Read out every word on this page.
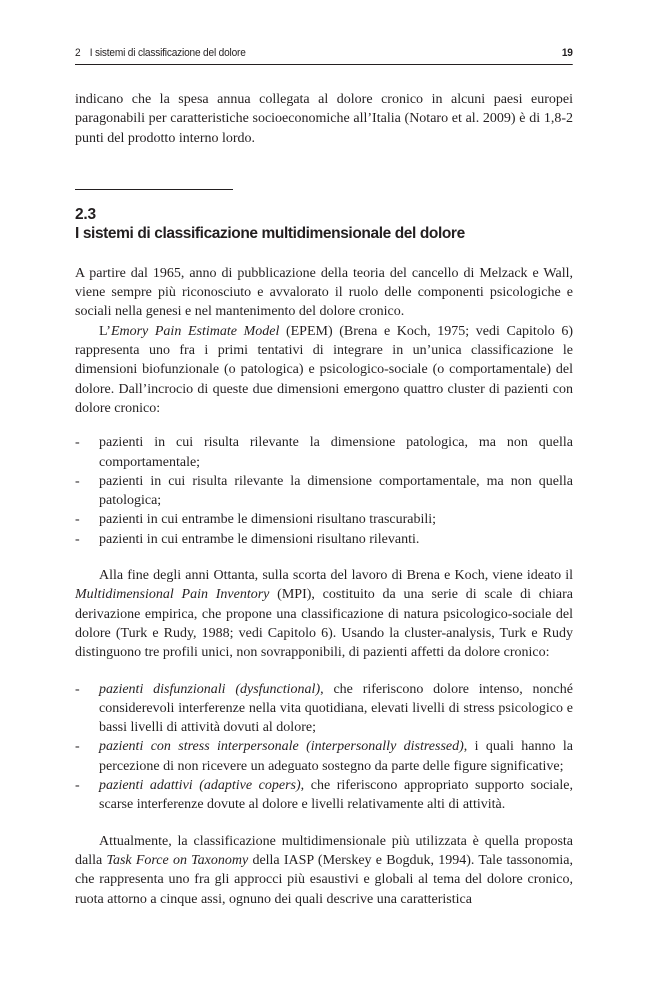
2 I sistemi di classificazione del dolore	19

indicano che la spesa annua collegata al dolore cronico in alcuni paesi europei paragonabili per caratteristiche socioeconomiche all’Italia (Notaro et al. 2009) è di 1,8-2 punti del prodotto interno lordo.

2.3
I sistemi di classificazione multidimensionale del dolore

A partire dal 1965, anno di pubblicazione della teoria del cancello di Melzack e Wall, viene sempre più riconosciuto e avvalorato il ruolo delle componenti psicologiche e sociali nella genesi e nel mantenimento del dolore cronico.

L’Emory Pain Estimate Model (EPEM) (Brena e Koch, 1975; vedi Capitolo 6) rappresenta uno fra i primi tentativi di integrare in un’unica classificazione le dimensioni biofunzionale (o patologica) e psicologico-sociale (o comportamentale) del dolore. Dall’incrocio di queste due dimensioni emergono quattro cluster di pazienti con dolore cronico:

- pazienti in cui risulta rilevante la dimensione patologica, ma non quella comportamentale;
- pazienti in cui risulta rilevante la dimensione comportamentale, ma non quella patologica;
- pazienti in cui entrambe le dimensioni risultano trascurabili;
- pazienti in cui entrambe le dimensioni risultano rilevanti.

Alla fine degli anni Ottanta, sulla scorta del lavoro di Brena e Koch, viene ideato il Multidimensional Pain Inventory (MPI), costituito da una serie di scale di chiara derivazione empirica, che propone una classificazione di natura psicologico-sociale del dolore (Turk e Rudy, 1988; vedi Capitolo 6). Usando la cluster-analysis, Turk e Rudy distinguono tre profili unici, non sovrapponibili, di pazienti affetti da dolore cronico:

- pazienti disfunzionali (dysfunctional), che riferiscono dolore intenso, nonché considerevoli interferenze nella vita quotidiana, elevati livelli di stress psicologico e bassi livelli di attività dovuti al dolore;
- pazienti con stress interpersonale (interpersonally distressed), i quali hanno la percezione di non ricevere un adeguato sostegno da parte delle figure significative;
- pazienti adattivi (adaptive copers), che riferiscono appropriato supporto sociale, scarse interferenze dovute al dolore e livelli relativamente alti di attività.

Attualmente, la classificazione multidimensionale più utilizzata è quella proposta dalla Task Force on Taxonomy della IASP (Merskey e Bogduk, 1994). Tale tassonomia, che rappresenta uno fra gli approcci più esaustivi e globali al tema del dolore cronico, ruota attorno a cinque assi, ognuno dei quali descrive una caratteristica
